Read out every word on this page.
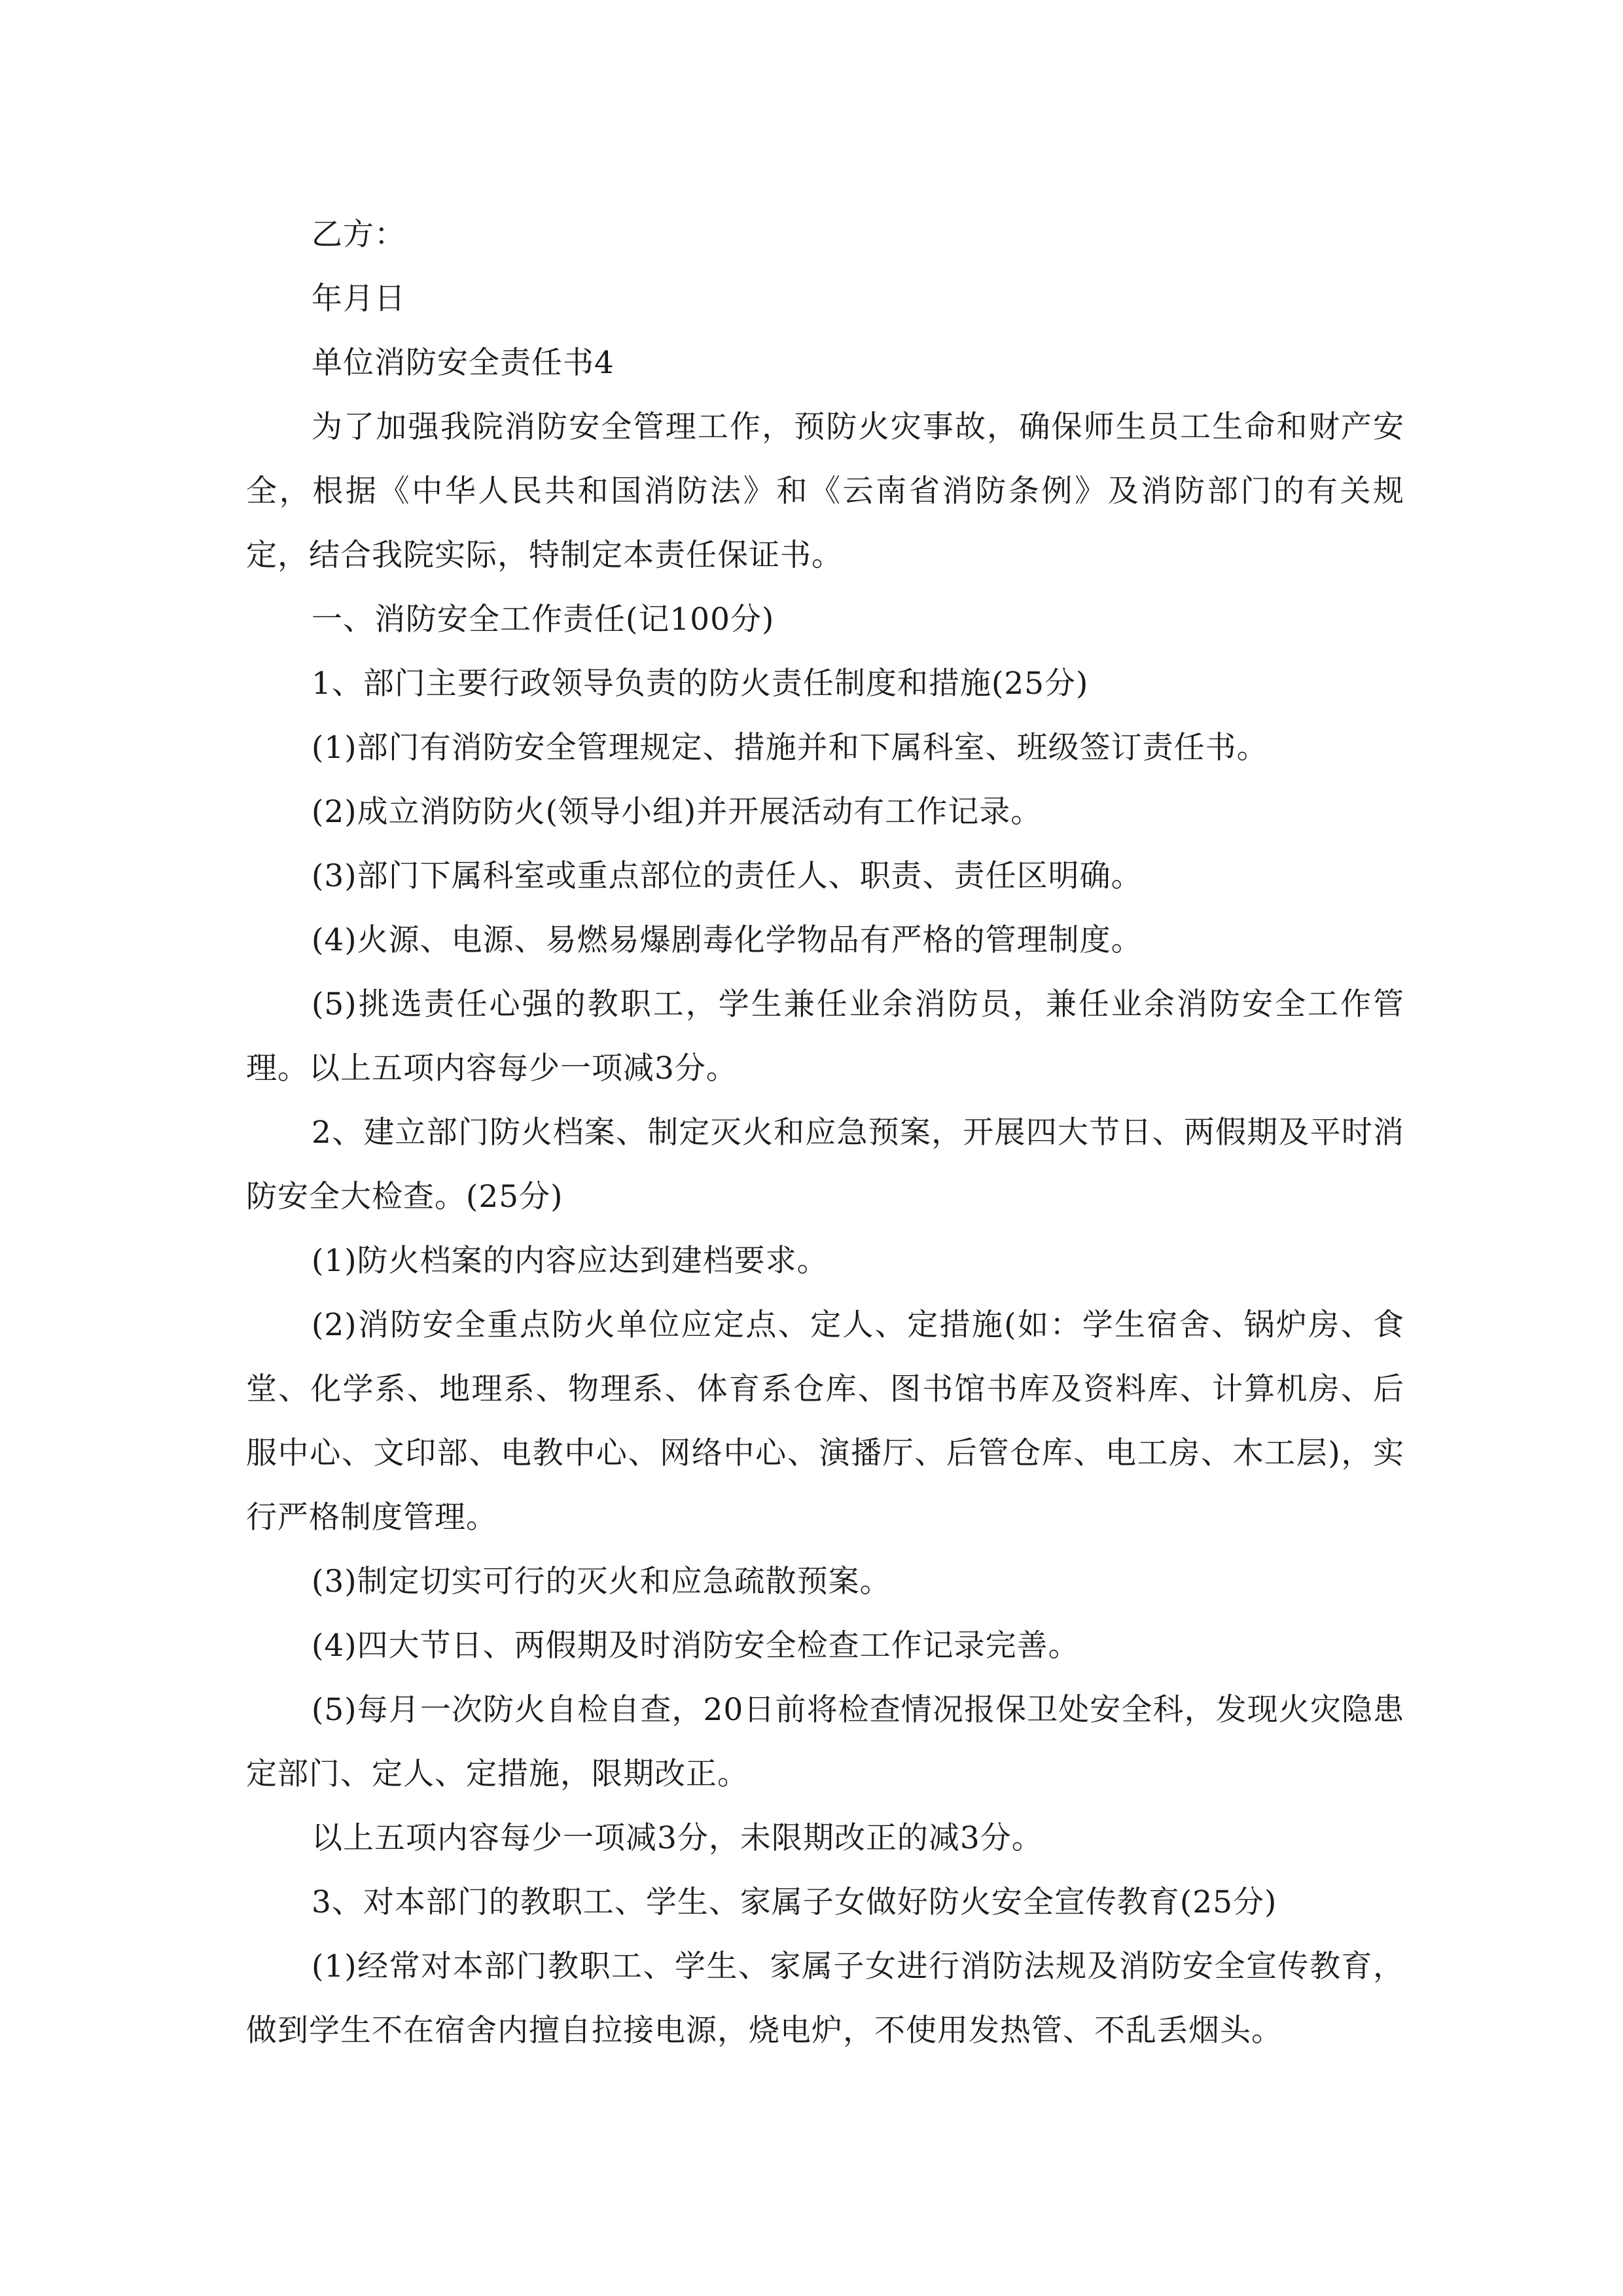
乙方：

年月日

单位消防安全责任书4

为了加强我院消防安全管理工作，预防火灾事故，确保师生员工生命和财产安全，根据《中华人民共和国消防法》和《云南省消防条例》及消防部门的有关规定，结合我院实际，特制定本责任保证书。

一、消防安全工作责任(记100分)

1、部门主要行政领导负责的防火责任制度和措施(25分)

(1)部门有消防安全管理规定、措施并和下属科室、班级签订责任书。

(2)成立消防防火(领导小组)并开展活动有工作记录。

(3)部门下属科室或重点部位的责任人、职责、责任区明确。

(4)火源、电源、易燃易爆剧毒化学物品有严格的管理制度。

(5)挑选责任心强的教职工，学生兼任业余消防员，兼任业余消防安全工作管理。以上五项内容每少一项减3分。

2、建立部门防火档案、制定灭火和应急预案，开展四大节日、两假期及平时消防安全大检查。(25分)

(1)防火档案的内容应达到建档要求。

(2)消防安全重点防火单位应定点、定人、定措施(如：学生宿舍、锅炉房、食堂、化学系、地理系、物理系、体育系仓库、图书馆书库及资料库、计算机房、后服中心、文印部、电教中心、网络中心、演播厅、后管仓库、电工房、木工层)，实行严格制度管理。

(3)制定切实可行的灭火和应急疏散预案。

(4)四大节日、两假期及时消防安全检查工作记录完善。

(5)每月一次防火自检自查，20日前将检查情况报保卫处安全科，发现火灾隐患定部门、定人、定措施，限期改正。

以上五项内容每少一项减3分，未限期改正的减3分。

3、对本部门的教职工、学生、家属子女做好防火安全宣传教育(25分)

(1)经常对本部门教职工、学生、家属子女进行消防法规及消防安全宣传教育，做到学生不在宿舍内擅自拉接电源，烧电炉，不使用发热管、不乱丢烟头。
